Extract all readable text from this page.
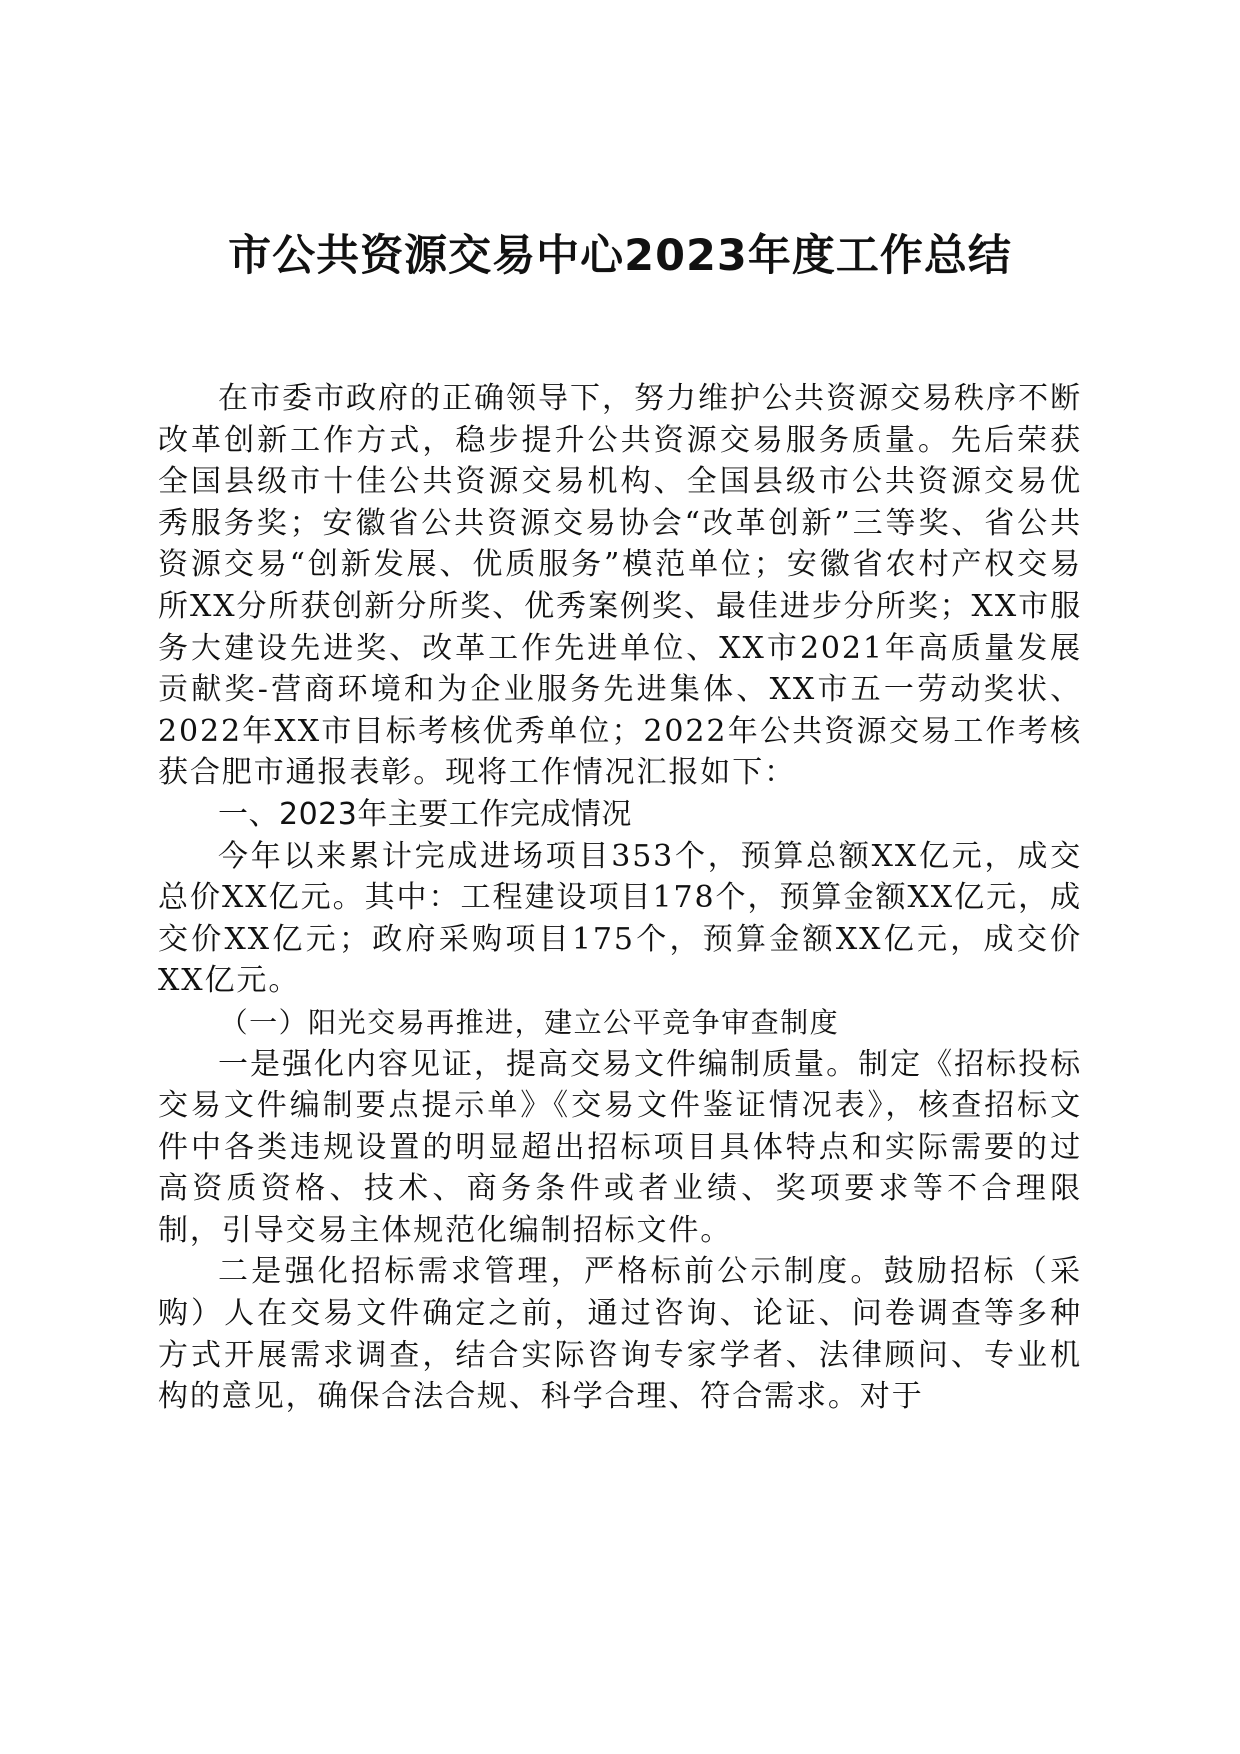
市公共资源交易中心2023年度工作总结

在市委市政府的正确领导下，努力维护公共资源交易秩序不断改革创新工作方式，稳步提升公共资源交易服务质量。先后荣获全国县级市十佳公共资源交易机构、全国县级市公共资源交易优秀服务奖；安徽省公共资源交易协会“改革创新”三等奖、省公共资源交易“创新发展、优质服务”模范单位；安徽省农村产权交易所XX分所获创新分所奖、优秀案例奖、最佳进步分所奖；XX市服务大建设先进奖、改革工作先进单位、XX市2021年高质量发展贡献奖-营商环境和为企业服务先进集体、XX市五一劳动奖状、2022年XX市目标考核优秀单位；2022年公共资源交易工作考核获合肥市通报表彰。现将工作情况汇报如下：

一、2023年主要工作完成情况

今年以来累计完成进场项目353个，预算总额XX亿元，成交总价XX亿元。其中：工程建设项目178个，预算金额XX亿元，成交价XX亿元；政府采购项目175个，预算金额XX亿元，成交价XX亿元。

（一）阳光交易再推进，建立公平竞争审查制度

一是强化内容见证，提高交易文件编制质量。制定《招标投标交易文件编制要点提示单》《交易文件鉴证情况表》，核查招标文件中各类违规设置的明显超出招标项目具体特点和实际需要的过高资质资格、技术、商务条件或者业绩、奖项要求等不合理限制，引导交易主体规范化编制招标文件。

二是强化招标需求管理，严格标前公示制度。鼓励招标（采购）人在交易文件确定之前，通过咨询、论证、问卷调查等多种方式开展需求调查，结合实际咨询专家学者、法律顾问、专业机构的意见，确保合法合规、科学合理、符合需求。对于
